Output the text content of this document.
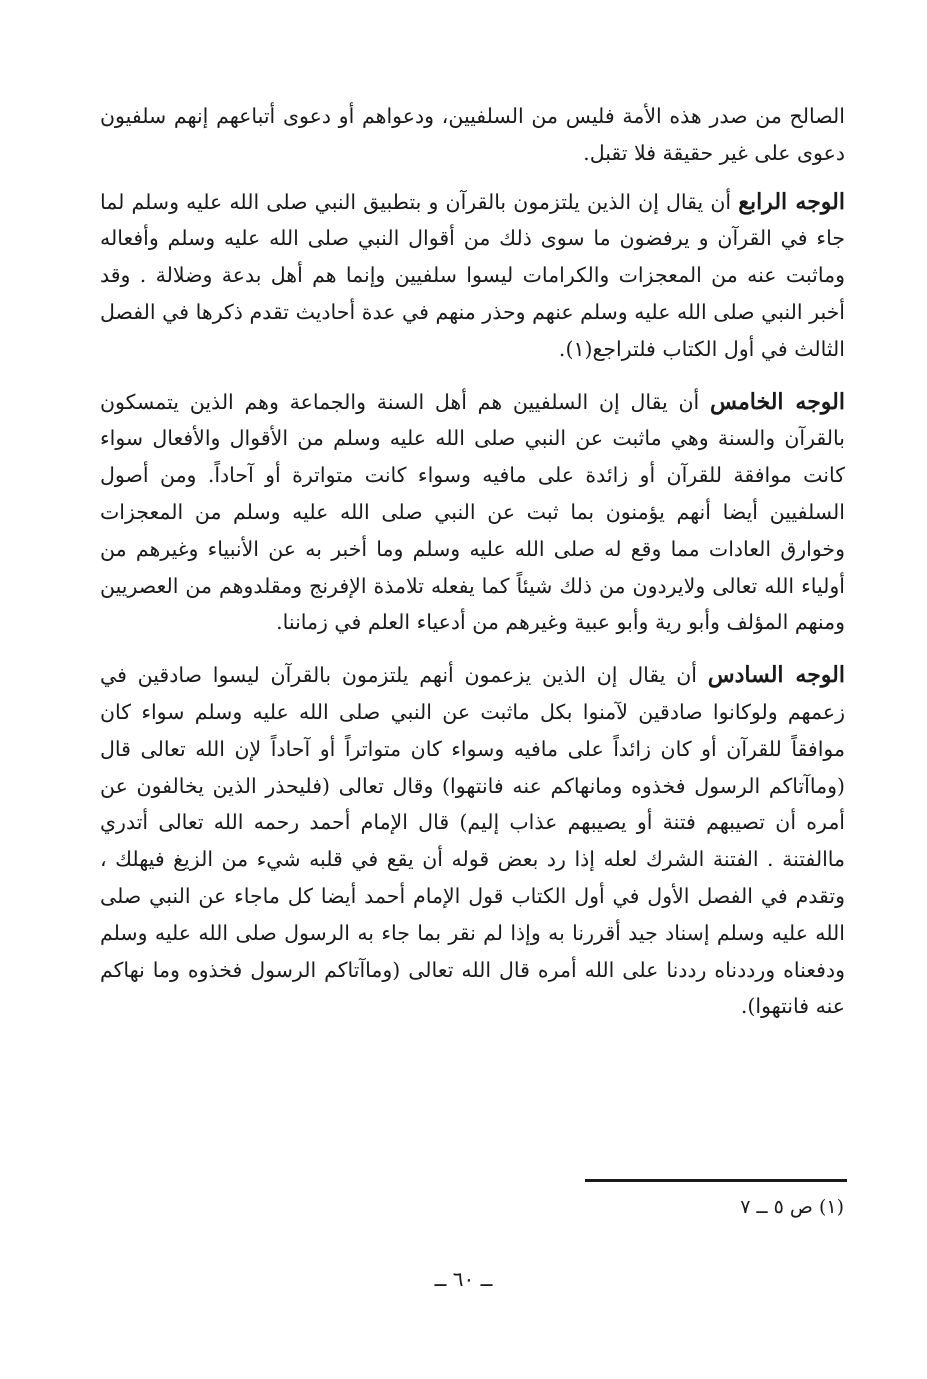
الصالح من صدر هذه الأمة فليس من السلفيين، ودعواهم أو دعوى أتباعهم إنهم سلفيون دعوى على غير حقيقة فلا تقبل.

الوجه الرابع أن يقال إن الذين يلتزمون بالقرآن و بتطبيق النبي صلى الله عليه وسلم لما جاء في القرآن و يرفضون ما سوى ذلك من أقوال النبي صلى الله عليه وسلم وأفعاله وماثبت عنه من المعجزات والكرامات ليسوا سلفيين وإنما هم أهل بدعة وضلالة . وقد أخبر النبي صلى الله عليه وسلم عنهم وحذر منهم في عدة أحاديث تقدم ذكرها في الفصل الثالث في أول الكتاب فلتراجع(١).

الوجه الخامس أن يقال إن السلفيين هم أهل السنة والجماعة وهم الذين يتمسكون بالقرآن والسنة وهي ماثبت عن النبي صلى الله عليه وسلم من الأقوال والأفعال سواء كانت موافقة للقرآن أو زائدة على مافيه وسواء كانت متواترة أو آحاداً. ومن أصول السلفيين أيضا أنهم يؤمنون بما ثبت عن النبي صلى الله عليه وسلم من المعجزات وخوارق العادات مما وقع له صلى الله عليه وسلم وما أخبر به عن الأنبياء وغيرهم من أولياء الله تعالى ولايردون من ذلك شيئاً كما يفعله تلامذة الإفرنج ومقلدوهم من العصريين ومنهم المؤلف وأبو رية وأبو عبية وغيرهم من أدعياء العلم في زماننا.

الوجه السادس أن يقال إن الذين يزعمون أنهم يلتزمون بالقرآن ليسوا صادقين في زعمهم ولوكانوا صادقين لآمنوا بكل ماثبت عن النبي صلى الله عليه وسلم سواء كان موافقاً للقرآن أو كان زائداً على مافيه وسواء كان متواتراً أو آحاداً لإن الله تعالى قال (وماآتاكم الرسول فخذوه ومانهاكم عنه فانتهوا) وقال تعالى (فليحذر الذين يخالفون عن أمره أن تصيبهم فتنة أو يصيبهم عذاب إليم) قال الإمام أحمد رحمه الله تعالى أتدري ماالفتنة . الفتنة الشرك لعله إذا رد بعض قوله أن يقع في قلبه شيء من الزيغ فيهلك ، وتقدم في الفصل الأول في أول الكتاب قول الإمام أحمد أيضا كل ماجاء عن النبي صلى الله عليه وسلم إسناد جيد أقررنا به وإذا لم نقر بما جاء به الرسول صلى الله عليه وسلم ودفعناه ورددناه رددنا على الله أمره قال الله تعالى (وماآتاكم الرسول فخذوه وما نهاكم عنه فانتهوا).

(١) ص ٥ ــ ٧
ــ ٦٠ ــ
